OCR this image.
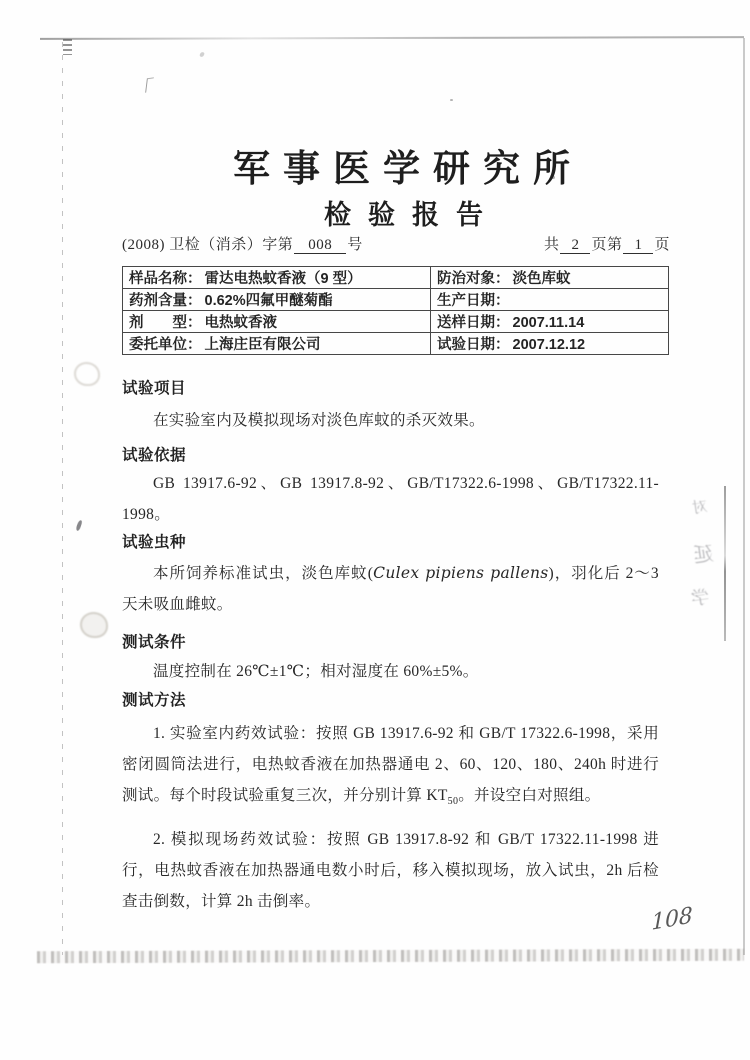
对
延
学
军事医学研究所
检验报告
(2008) 卫检（消杀）字第 008 号	共 2 页第 1 页
样品名称： 雷达电热蚊香液（9 型）	防治对象： 淡色库蚊
药剂含量： 0.62%四氟甲醚菊酯	生产日期：
剂　　型： 电热蚊香液	送样日期： 2007.11.14
委托单位： 上海庄臣有限公司	试验日期： 2007.12.12
试验项目
在实验室内及模拟现场对淡色库蚊的杀灭效果。
试验依据
GB 13917.6-92、GB 13917.8-92、GB/T17322.6-1998、GB/T17322.11-1998。
试验虫种
本所饲养标准试虫，淡色库蚊(Culex pipiens pallens)，羽化后 2～3 天未吸血雌蚊。
测试条件
温度控制在 26℃±1℃；相对湿度在 60%±5%。
测试方法
1. 实验室内药效试验：按照 GB 13917.6-92 和 GB/T 17322.6-1998，采用密闭圆筒法进行，电热蚊香液在加热器通电 2、60、120、180、240h 时进行测试。每个时段试验重复三次，并分别计算 $KT_{50}$。并设空白对照组。
2. 模拟现场药效试验：按照 GB 13917.8-92 和 GB/T 17322.11-1998 进行，电热蚊香液在加热器通电数小时后，移入模拟现场，放入试虫，2h 后检查击倒数，计算 2h 击倒率。
108
